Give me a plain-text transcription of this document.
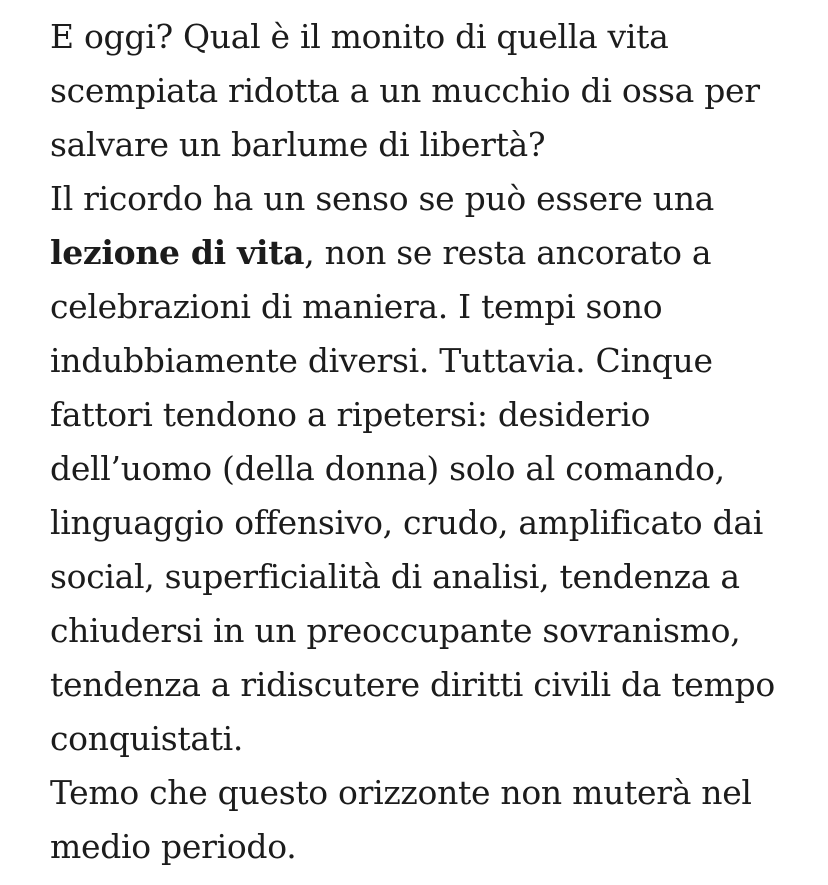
E oggi? Qual è il monito di quella vita
scempiata ridotta a un mucchio di ossa per
salvare un barlume di libertà?
Il ricordo ha un senso se può essere una
lezione di vita, non se resta ancorato a
celebrazioni di maniera. I tempi sono
indubbiamente diversi. Tuttavia. Cinque
fattori tendono a ripetersi: desiderio
dell’uomo (della donna) solo al comando,
linguaggio offensivo, crudo, amplificato dai
social, superficialità di analisi, tendenza a
chiudersi in un preoccupante sovranismo,
tendenza a ridiscutere diritti civili da tempo
conquistati.
Temo che questo orizzonte non muterà nel
medio periodo.
